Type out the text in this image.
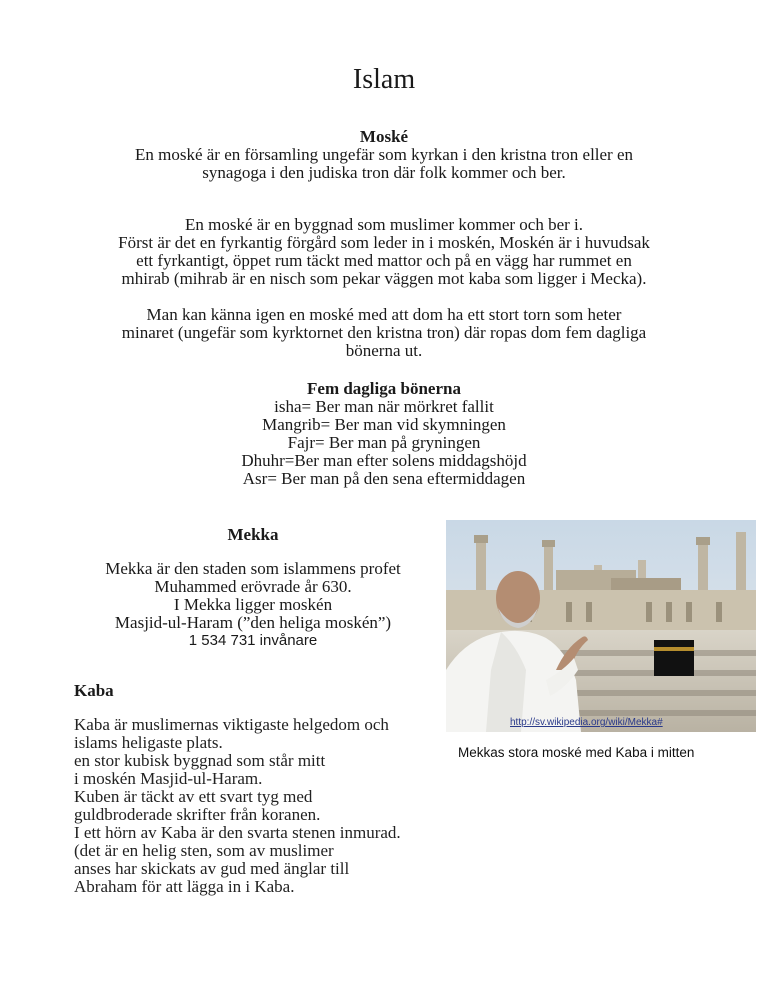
Islam

Moské

En moské är en församling ungefär som kyrkan i den kristna tron eller en

synagoga i den judiska tron där folk kommer och ber.

En moské är en byggnad som muslimer kommer och ber i.

Först är det en fyrkantig förgård som leder in i moskén, Moskén är i huvudsak

ett fyrkantigt, öppet rum täckt med mattor och på en vägg har rummet en

mhirab (mihrab är en nisch som pekar väggen mot kaba som ligger i Mecka).

Man kan känna igen en moské med att dom ha ett stort torn som heter

minaret (ungefär som kyrktornet den kristna tron) där ropas dom fem dagliga

bönerna ut.

Fem dagliga bönerna

isha= Ber man när mörkret fallit

Mangrib= Ber man vid skymningen

Fajr= Ber man på gryningen

Dhuhr=Ber man efter solens middagshöjd

Asr= Ber man på den sena eftermiddagen

Mekka

Mekka är den staden som islammens profet

Muhammed erövrade år 630.

I Mekka ligger moskén

Masjid-ul-Haram (”den heliga moskén”)

1 534 731 invånare

Kaba
Kaba är muslimernas viktigaste helgedom och
islams heligaste plats.
en stor kubisk byggnad som står mitt
i moskén Masjid-ul-Haram.
Kuben är täckt av ett svart tyg med
guldbroderade skrifter från koranen.
I ett hörn av Kaba är den svarta stenen inmurad.
(det är en helig sten, som av muslimer
anses har skickats av gud med änglar till
Abraham för att lägga in i Kaba.
http://sv.wikipedia.org/wiki/Mekka#
Mekkas stora moské med Kaba i mitten
